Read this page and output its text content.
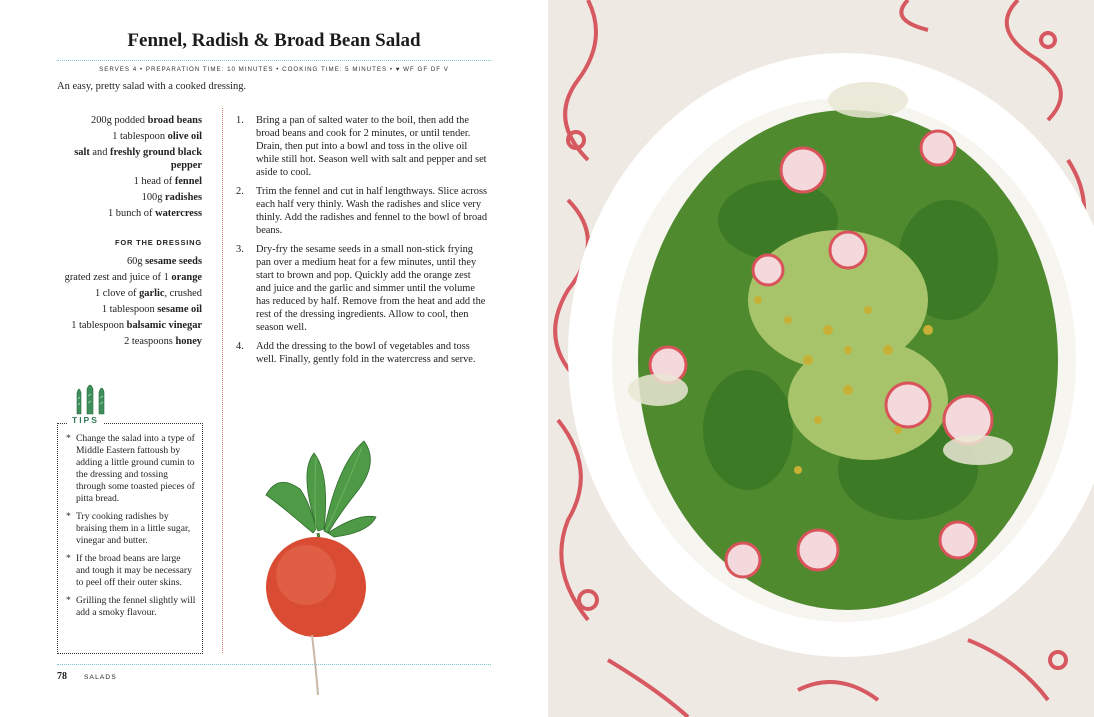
Fennel, Radish & Broad Bean Salad
SERVES 4 • PREPARATION TIME: 10 MINUTES • COOKING TIME: 5 MINUTES • ♥ WF GF DF V
An easy, pretty salad with a cooked dressing.
200g podded broad beans
1 tablespoon olive oil
salt and freshly ground black pepper
1 head of fennel
100g radishes
1 bunch of watercress
FOR THE DRESSING
60g sesame seeds
grated zest and juice of 1 orange
1 clove of garlic, crushed
1 tablespoon sesame oil
1 tablespoon balsamic vinegar
2 teaspoons honey
1.	Bring a pan of salted water to the boil, then add the broad beans and cook for 2 minutes, or until tender. Drain, then put into a bowl and toss in the olive oil while still hot. Season well with salt and pepper and set aside to cool.
2.	Trim the fennel and cut in half lengthways. Slice across each half very thinly. Wash the radishes and slice very thinly. Add the radishes and fennel to the bowl of broad beans.
3.	Dry-fry the sesame seeds in a small non-stick frying pan over a medium heat for a few minutes, until they start to brown and pop. Quickly add the orange zest and juice and the garlic and simmer until the volume has reduced by half. Remove from the heat and add the rest of the dressing ingredients. Allow to cool, then season well.
4.	Add the dressing to the bowl of vegetables and toss well. Finally, gently fold in the watercress and serve.
TIPS
* Change the salad into a type of Middle Eastern fattoush by adding a little ground cumin to the dressing and tossing through some toasted pieces of pitta bread.
* Try cooking radishes by braising them in a little sugar, vinegar and butter.
* If the broad beans are large and tough it may be necessary to peel off their outer skins.
* Grilling the fennel slightly will add a smoky flavour.
78	SALADS
